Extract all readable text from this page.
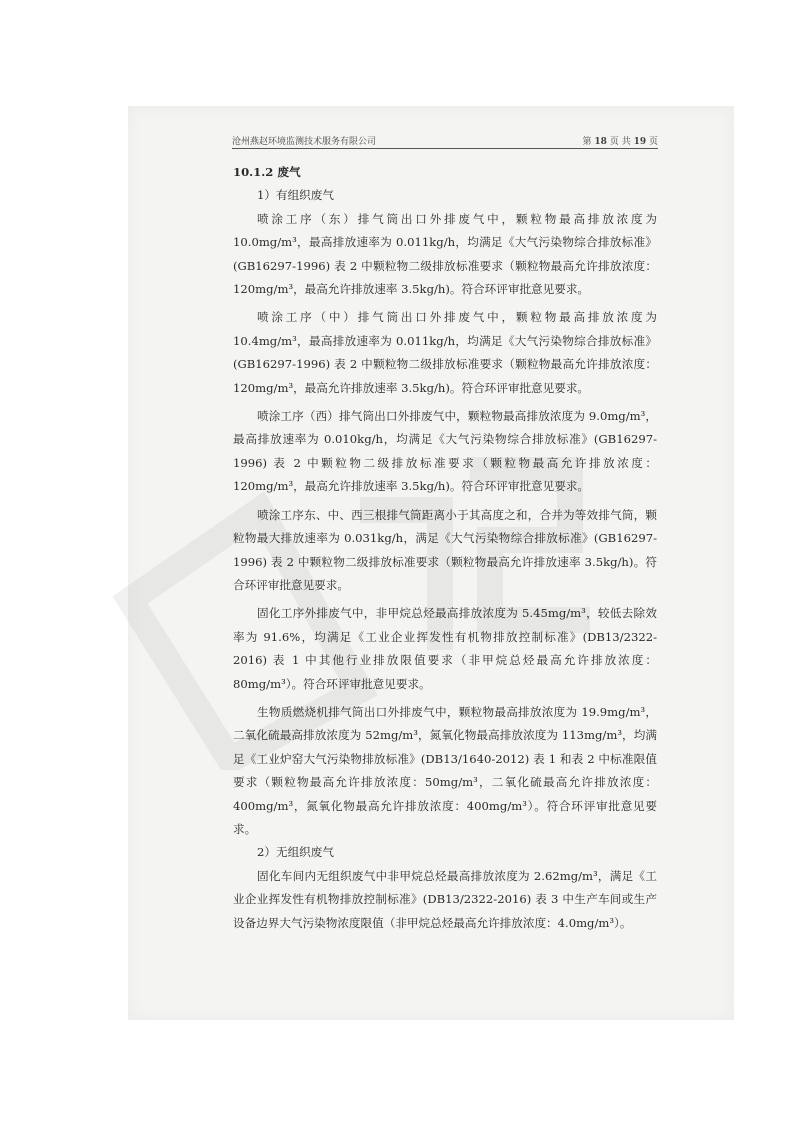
沧州燕赵环境监测技术服务有限公司	第 18 页 共 19 页

10.1.2 废气

1）有组织废气

喷涂工序（东）排气筒出口外排废气中，颗粒物最高排放浓度为 10.0mg/m³，最高排放速率为 0.011kg/h，均满足《大气污染物综合排放标准》(GB16297-1996) 表 2 中颗粒物二级排放标准要求（颗粒物最高允许排放浓度：120mg/m³，最高允许排放速率 3.5kg/h)。符合环评审批意见要求。

喷涂工序（中）排气筒出口外排废气中，颗粒物最高排放浓度为 10.4mg/m³，最高排放速率为 0.011kg/h，均满足《大气污染物综合排放标准》(GB16297-1996) 表 2 中颗粒物二级排放标准要求（颗粒物最高允许排放浓度：120mg/m³，最高允许排放速率 3.5kg/h)。符合环评审批意见要求。

喷涂工序（西）排气筒出口外排废气中，颗粒物最高排放浓度为 9.0mg/m³，最高排放速率为 0.010kg/h，均满足《大气污染物综合排放标准》(GB16297-1996) 表 2 中颗粒物二级排放标准要求（颗粒物最高允许排放浓度：120mg/m³，最高允许排放速率 3.5kg/h)。符合环评审批意见要求。

喷涂工序东、中、西三根排气筒距离小于其高度之和，合并为等效排气筒，颗粒物最大排放速率为 0.031kg/h，满足《大气污染物综合排放标准》(GB16297-1996) 表 2 中颗粒物二级排放标准要求（颗粒物最高允许排放速率 3.5kg/h)。符合环评审批意见要求。

固化工序外排废气中，非甲烷总烃最高排放浓度为 5.45mg/m³，较低去除效率为 91.6%，均满足《工业企业挥发性有机物排放控制标准》(DB13/2322-2016) 表 1 中其他行业排放限值要求（非甲烷总烃最高允许排放浓度：80mg/m³）。符合环评审批意见要求。

生物质燃烧机排气筒出口外排废气中，颗粒物最高排放浓度为 19.9mg/m³，二氧化硫最高排放浓度为 52mg/m³，氮氧化物最高排放浓度为 113mg/m³，均满足《工业炉窑大气污染物排放标准》(DB13/1640-2012) 表 1 和表 2 中标准限值要求（颗粒物最高允许排放浓度：50mg/m³，二氧化硫最高允许排放浓度：400mg/m³，氮氧化物最高允许排放浓度：400mg/m³）。符合环评审批意见要求。

2）无组织废气

固化车间内无组织废气中非甲烷总烃最高排放浓度为 2.62mg/m³，满足《工业企业挥发性有机物排放控制标准》(DB13/2322-2016) 表 3 中生产车间或生产设备边界大气污染物浓度限值（非甲烷总烃最高允许排放浓度：4.0mg/m³）。
